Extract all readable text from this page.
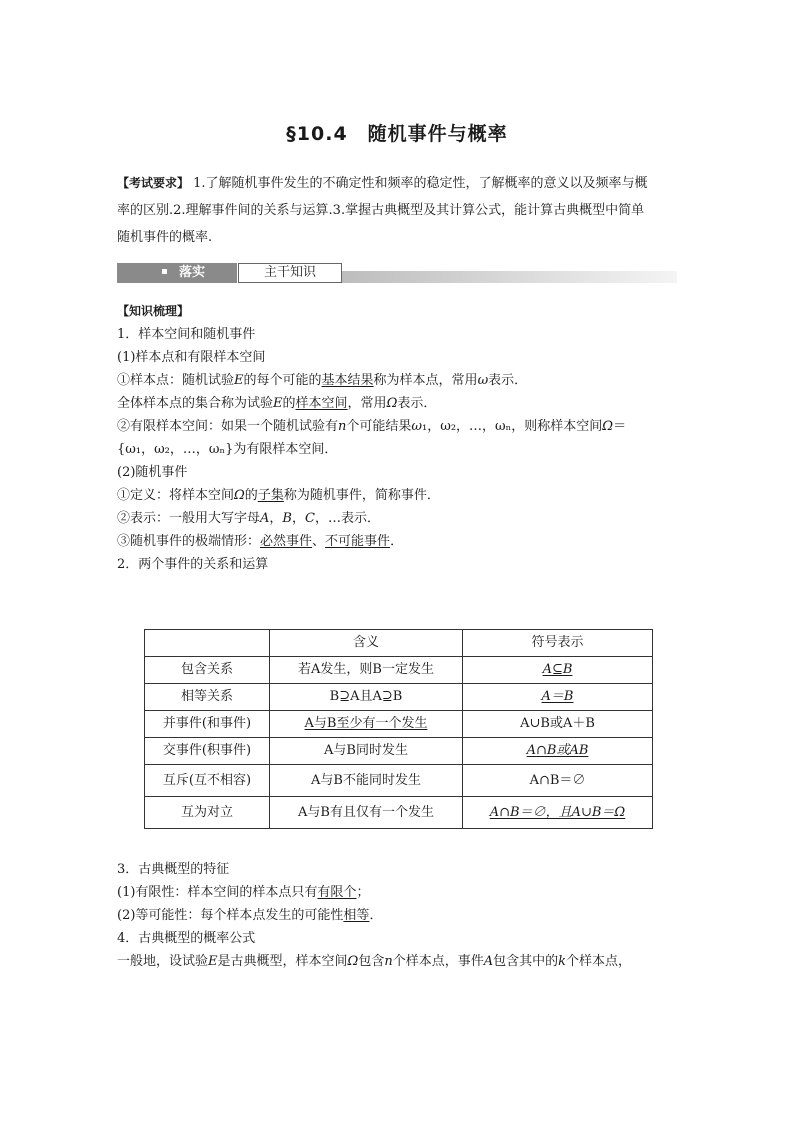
§10.4　随机事件与概率
【考试要求】 1.了解随机事件发生的不确定性和频率的稳定性，了解概率的意义以及频率与概
率的区别.2.理解事件间的关系与运算.3.掌握古典概型及其计算公式，能计算古典概型中简单
随机事件的概率.
落实	主干知识
【知识梳理】
1．样本空间和随机事件
(1)样本点和有限样本空间
①样本点：随机试验E的每个可能的基本结果称为样本点，常用ω表示．
全体样本点的集合称为试验E的样本空间，常用Ω表示．
②有限样本空间：如果一个随机试验有n个可能结果ω₁，ω₂，…，ωₙ，则称样本空间Ω＝
{ω₁，ω₂，…，ωₙ}为有限样本空间．
(2)随机事件
①定义：将样本空间Ω的子集称为随机事件，简称事件．
②表示：一般用大写字母A，B，C，…表示．
③随机事件的极端情形：必然事件、不可能事件．
2．两个事件的关系和运算
	含义	符号表示
包含关系	若A发生，则B一定发生	A⊆B
相等关系	B⊇A且A⊇B	A＝B
并事件(和事件)	A与B至少有一个发生	A∪B或A＋B
交事件(积事件)	A与B同时发生	A∩B或AB
互斥(互不相容)	A与B不能同时发生	A∩B＝∅
互为对立	A与B有且仅有一个发生	A∩B＝∅，且A∪B＝Ω
3．古典概型的特征
(1)有限性：样本空间的样本点只有有限个；
(2)等可能性：每个样本点发生的可能性相等．
4．古典概型的概率公式
一般地，设试验E是古典概型，样本空间Ω包含n个样本点，事件A包含其中的k个样本点，
